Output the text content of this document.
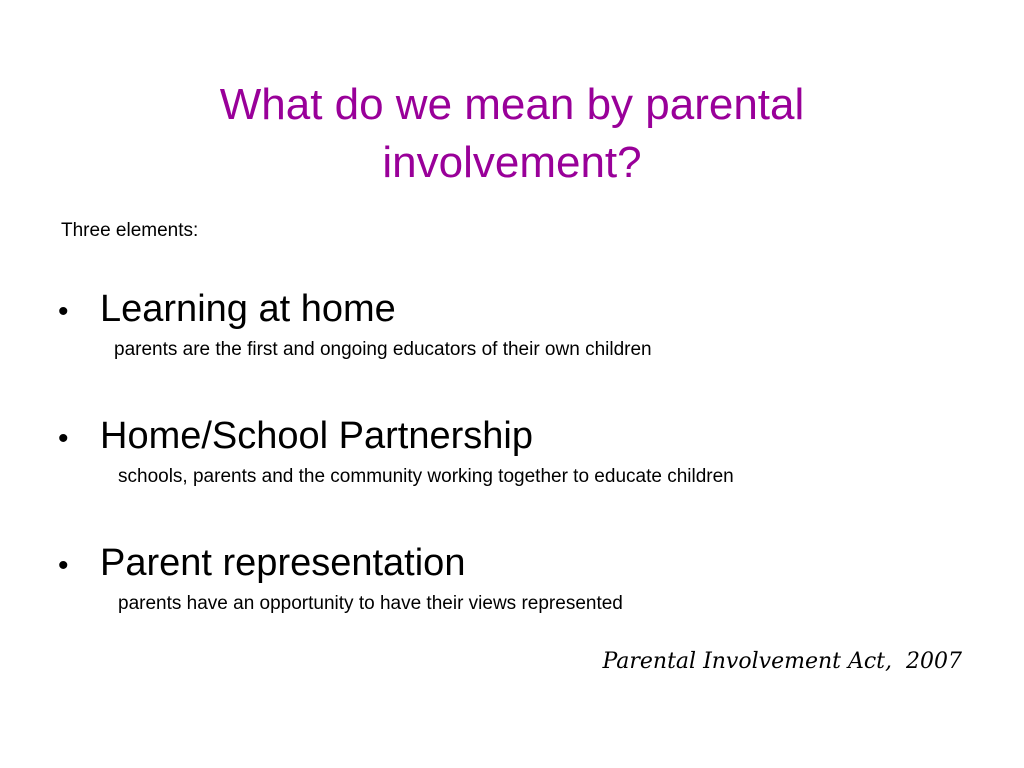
What do we mean by parental involvement?

Three elements:

• Learning at home
parents are the first and ongoing educators of their own children
• Home/School Partnership
schools, parents and the community working together to educate children
• Parent representation
parents have an opportunity to have their views represented
Parental Involvement Act,  2007
